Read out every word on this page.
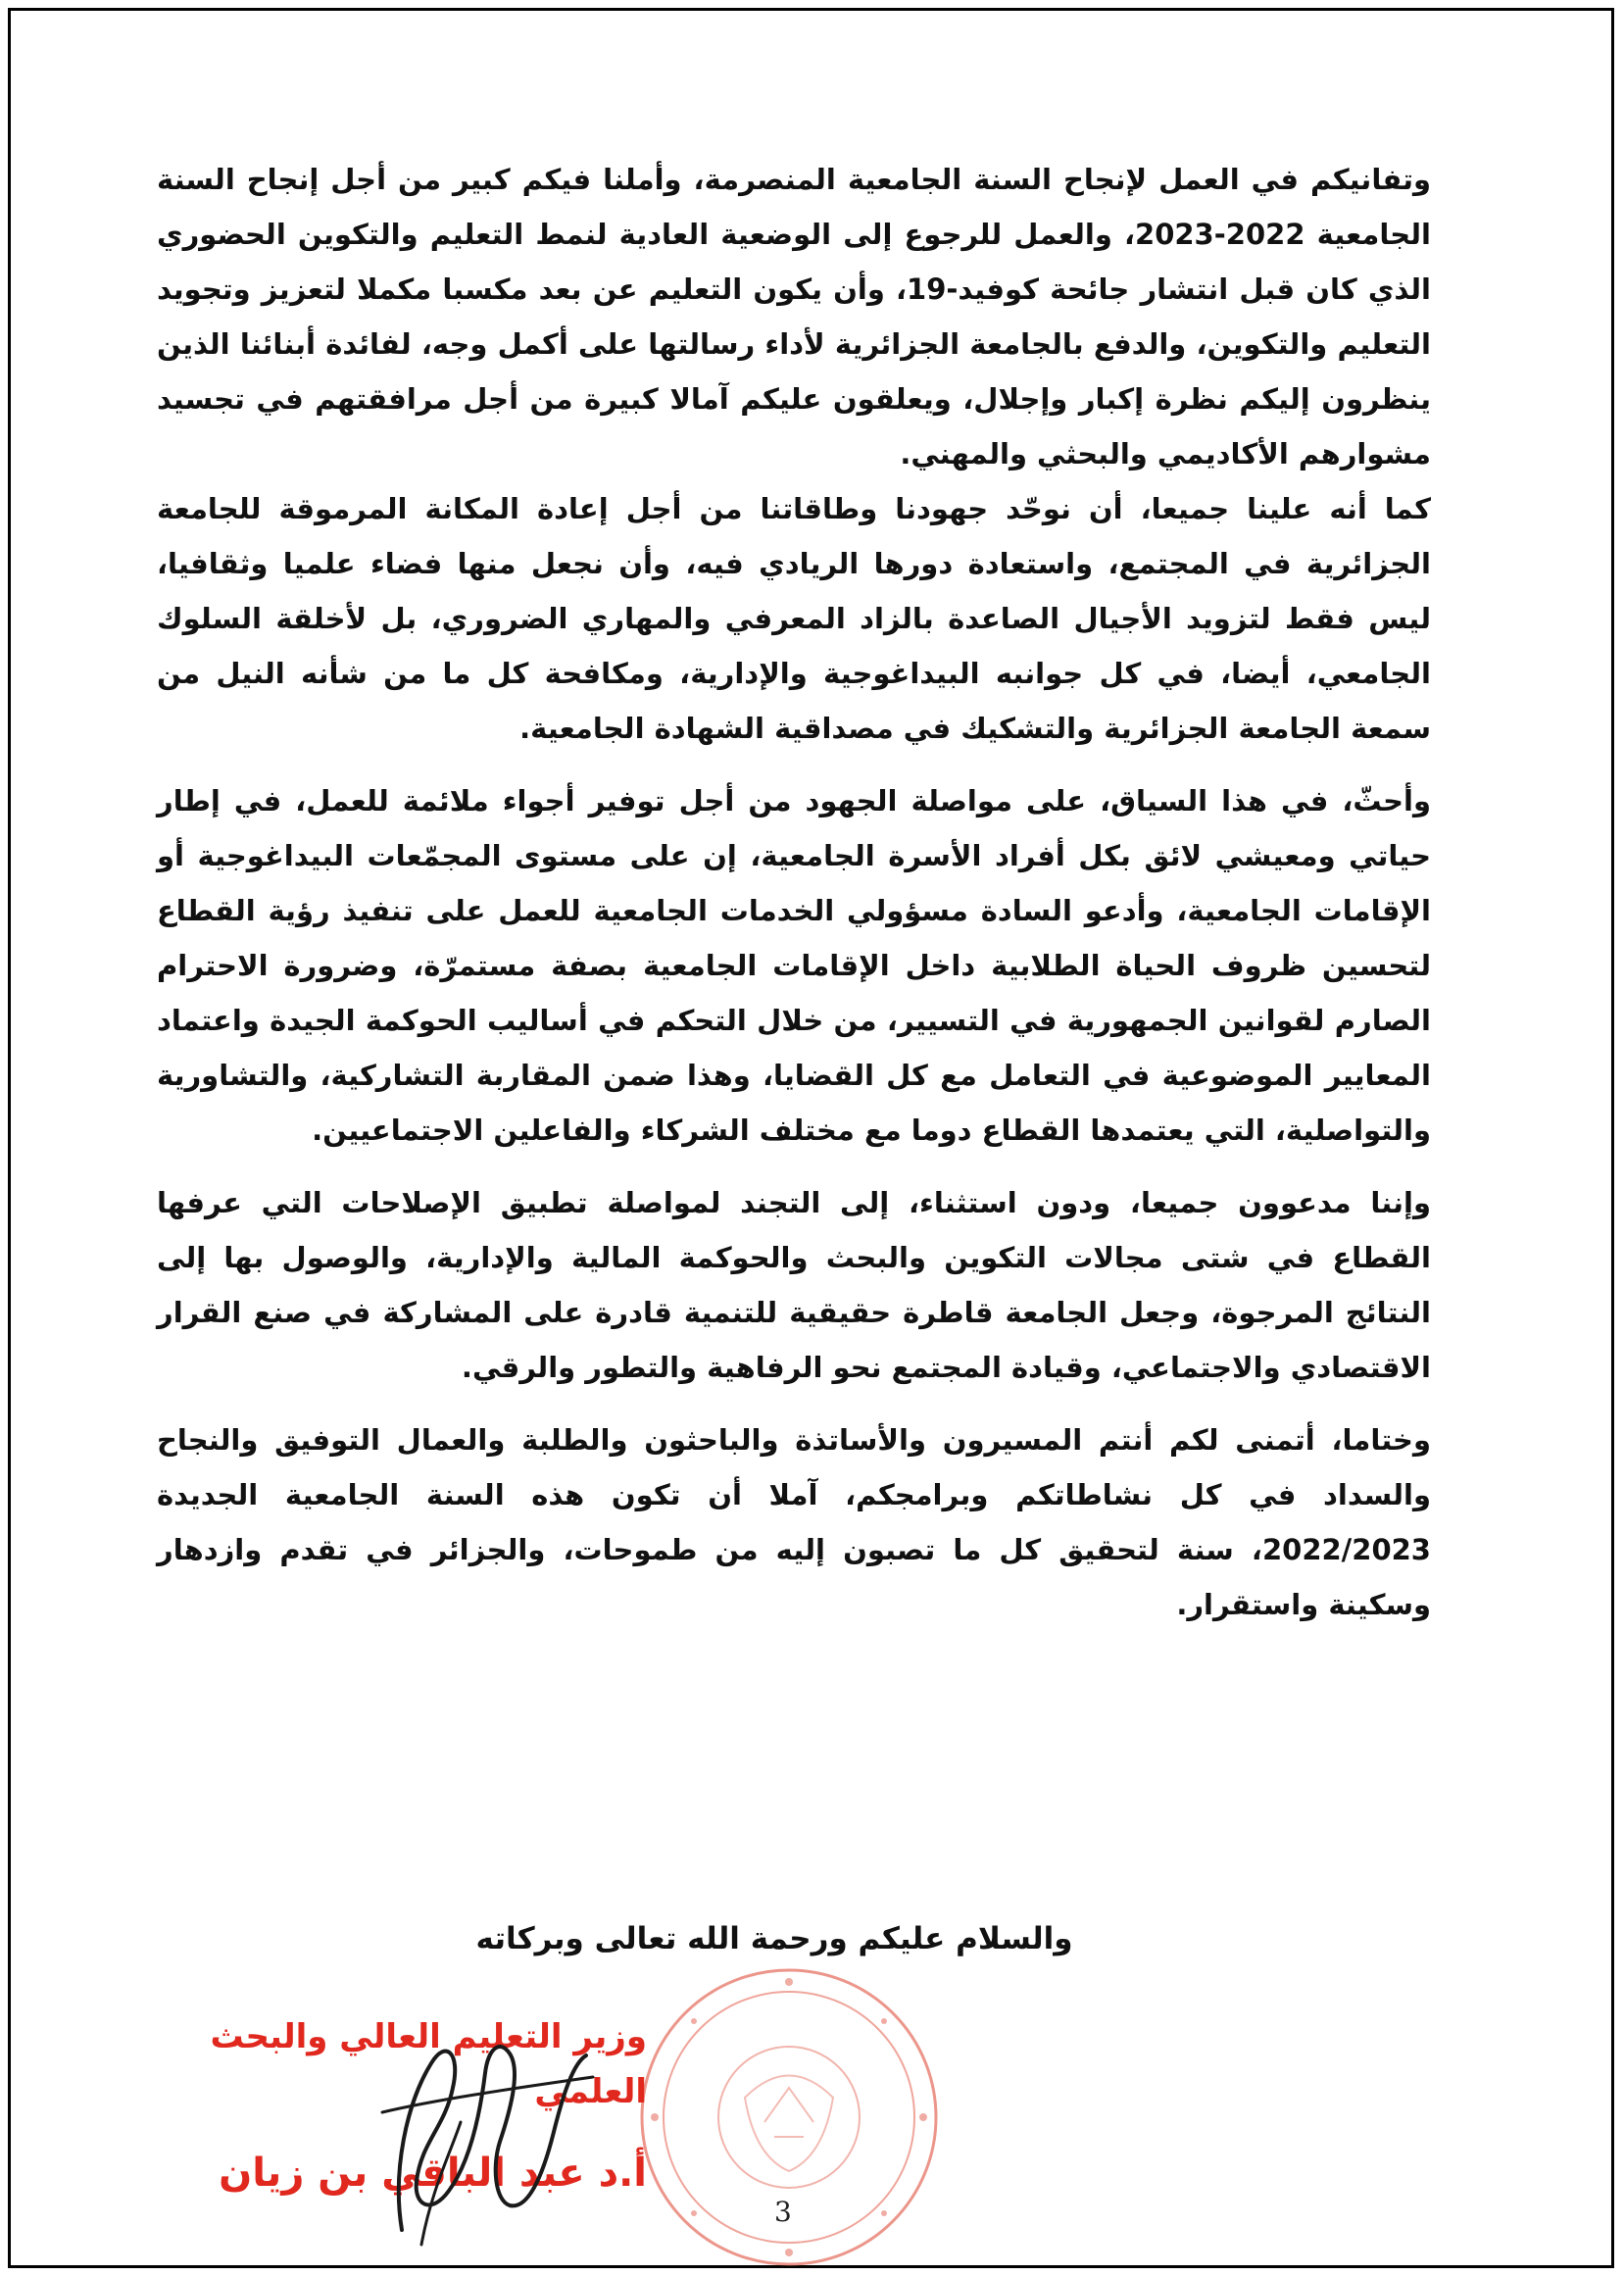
وتفانيكم في العمل لإنجاح السنة الجامعية المنصرمة، وأملنا فيكم كبير من أجل إنجاح السنة الجامعية 2022-2023، والعمل للرجوع إلى الوضعية العادية لنمط التعليم والتكوين الحضوري الذي كان قبل انتشار جائحة كوفيد-19، وأن يكون التعليم عن بعد مكسبا مكملا لتعزيز وتجويد التعليم والتكوين، والدفع بالجامعة الجزائرية لأداء رسالتها على أكمل وجه، لفائدة أبنائنا الذين ينظرون إليكم نظرة إكبار وإجلال، ويعلقون عليكم آمالا كبيرة من أجل مرافقتهم في تجسيد مشوارهم الأكاديمي والبحثي والمهني.

كما أنه علينا جميعا، أن نوحّد جهودنا وطاقاتنا من أجل إعادة المكانة المرموقة للجامعة الجزائرية في المجتمع، واستعادة دورها الريادي فيه، وأن نجعل منها فضاء علميا وثقافيا، ليس فقط لتزويد الأجيال الصاعدة بالزاد المعرفي والمهاري الضروري، بل لأخلقة السلوك الجامعي، أيضا، في كل جوانبه البيداغوجية والإدارية، ومكافحة كل ما من شأنه النيل من سمعة الجامعة الجزائرية والتشكيك في مصداقية الشهادة الجامعية.

وأحثّ، في هذا السياق، على مواصلة الجهود من أجل توفير أجواء ملائمة للعمل، في إطار حياتي ومعيشي لائق بكل أفراد الأسرة الجامعية، إن على مستوى المجمّعات البيداغوجية أو الإقامات الجامعية، وأدعو السادة مسؤولي الخدمات الجامعية للعمل على تنفيذ رؤية القطاع لتحسين ظروف الحياة الطلابية داخل الإقامات الجامعية بصفة مستمرّة، وضرورة الاحترام الصارم لقوانين الجمهورية في التسيير، من خلال التحكم في أساليب الحوكمة الجيدة واعتماد المعايير الموضوعية في التعامل مع كل القضايا، وهذا ضمن المقاربة التشاركية، والتشاورية والتواصلية، التي يعتمدها القطاع دوما مع مختلف الشركاء والفاعلين الاجتماعيين.

وإننا مدعوون جميعا، ودون استثناء، إلى التجند لمواصلة تطبيق الإصلاحات التي عرفها القطاع في شتى مجالات التكوين والبحث والحوكمة المالية والإدارية، والوصول بها إلى النتائج المرجوة، وجعل الجامعة قاطرة حقيقية للتنمية قادرة على المشاركة في صنع القرار الاقتصادي والاجتماعي، وقيادة المجتمع نحو الرفاهية والتطور والرقي.

وختاما، أتمنى لكم أنتم المسيرون والأساتذة والباحثون والطلبة والعمال التوفيق والنجاح والسداد في كل نشاطاتكم وبرامجكم، آملا أن تكون هذه السنة الجامعية الجديدة 2022/2023، سنة لتحقيق كل ما تصبون إليه من طموحات، والجزائر في تقدم وازدهار وسكينة واستقرار.

والسلام عليكم ورحمة الله تعالى وبركاته
وزير التعليم العالي والبحث العلمي
أ.د عبد الباقي بن زيان
3
